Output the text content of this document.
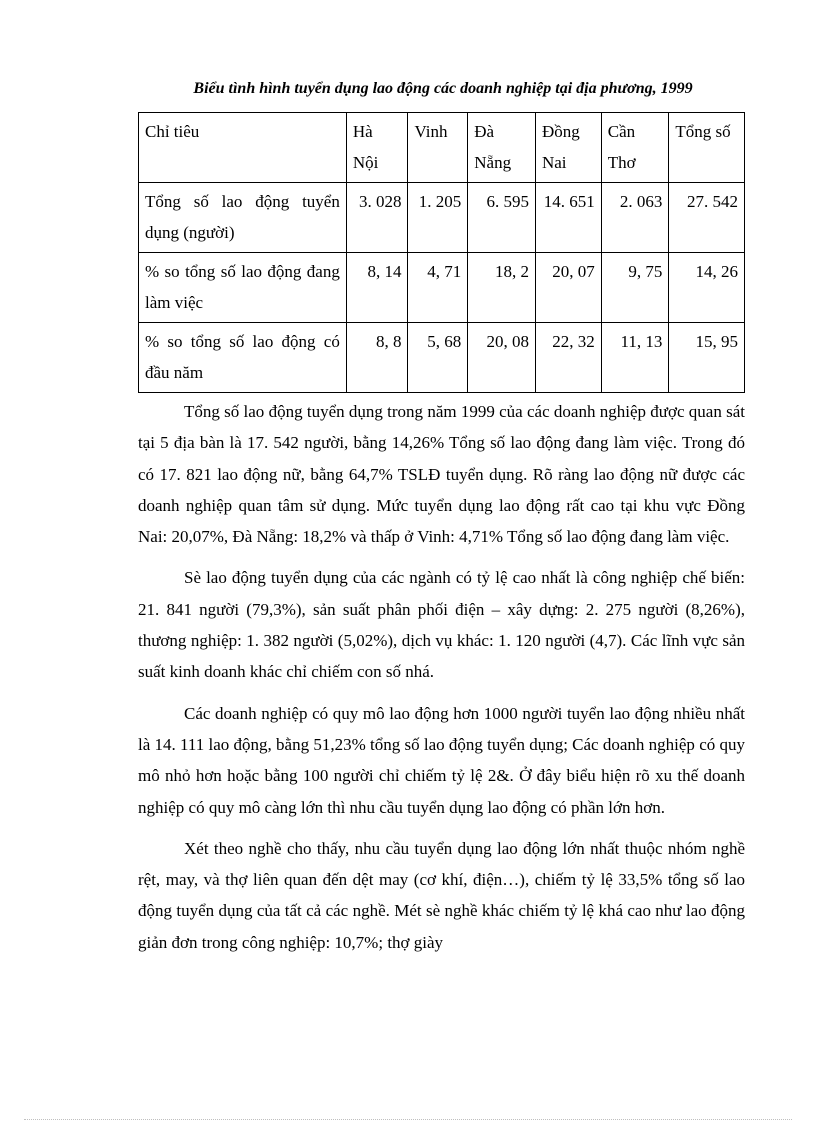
Biểu tình hình tuyển dụng lao động các doanh nghiệp tại địa phương, 1999
Chỉ tiêu	Hà Nội	Vinh	Đà Nẵng	Đồng Nai	Cần Thơ	Tổng số
Tổng số lao động tuyển dụng (người)	3. 028	1. 205	6. 595	14. 651	2. 063	27. 542
% so tổng số lao động đang làm việc	8, 14	4, 71	18, 2	20, 07	9, 75	14, 26
% so tổng số lao động có đầu năm	8, 8	5, 68	20, 08	22, 32	11, 13	15, 95

Tổng số lao động tuyển dụng trong năm 1999 của các doanh nghiệp được quan sát tại 5 địa bàn là 17. 542 người, bằng 14,26% Tổng số lao động đang làm việc. Trong đó có 17. 821 lao động nữ, bằng 64,7% TSLĐ tuyển dụng. Rõ ràng lao động nữ được các doanh nghiệp quan tâm sử dụng. Mức tuyển dụng lao động rất cao tại khu vực Đồng Nai: 20,07%, Đà Nẵng: 18,2% và thấp ở Vinh: 4,71% Tổng số lao động đang làm việc.

Sè lao động tuyển dụng của các ngành có tỷ lệ cao nhất là công nghiệp chế biến: 21. 841 người (79,3%), sản suất phân phối điện – xây dựng: 2. 275 người (8,26%), thương nghiệp: 1. 382 người (5,02%), dịch vụ khác: 1. 120 người (4,7). Các lĩnh vực sản suất kinh doanh khác chỉ chiếm con số nhá.

Các doanh nghiệp có quy mô lao động hơn 1000 người tuyển lao động nhiều nhất là 14. 111 lao động, bằng 51,23% tổng số lao động tuyển dụng; Các doanh nghiệp có quy mô nhỏ hơn hoặc bằng 100 người chỉ chiếm tỷ lệ 2&. Ở đây biểu hiện rõ xu thế doanh nghiệp có quy mô càng lớn thì nhu cầu tuyển dụng lao động có phần lớn hơn.

Xét theo nghề cho thấy, nhu cầu tuyển dụng lao động lớn nhất thuộc nhóm nghề rệt, may, và thợ liên quan đến dệt may (cơ khí, điện…), chiếm tỷ lệ 33,5% tổng số lao động tuyển dụng của tất cả các nghề. Mét sè nghề khác chiếm tỷ lệ khá cao như lao động giản đơn trong công nghiệp: 10,7%; thợ giày
